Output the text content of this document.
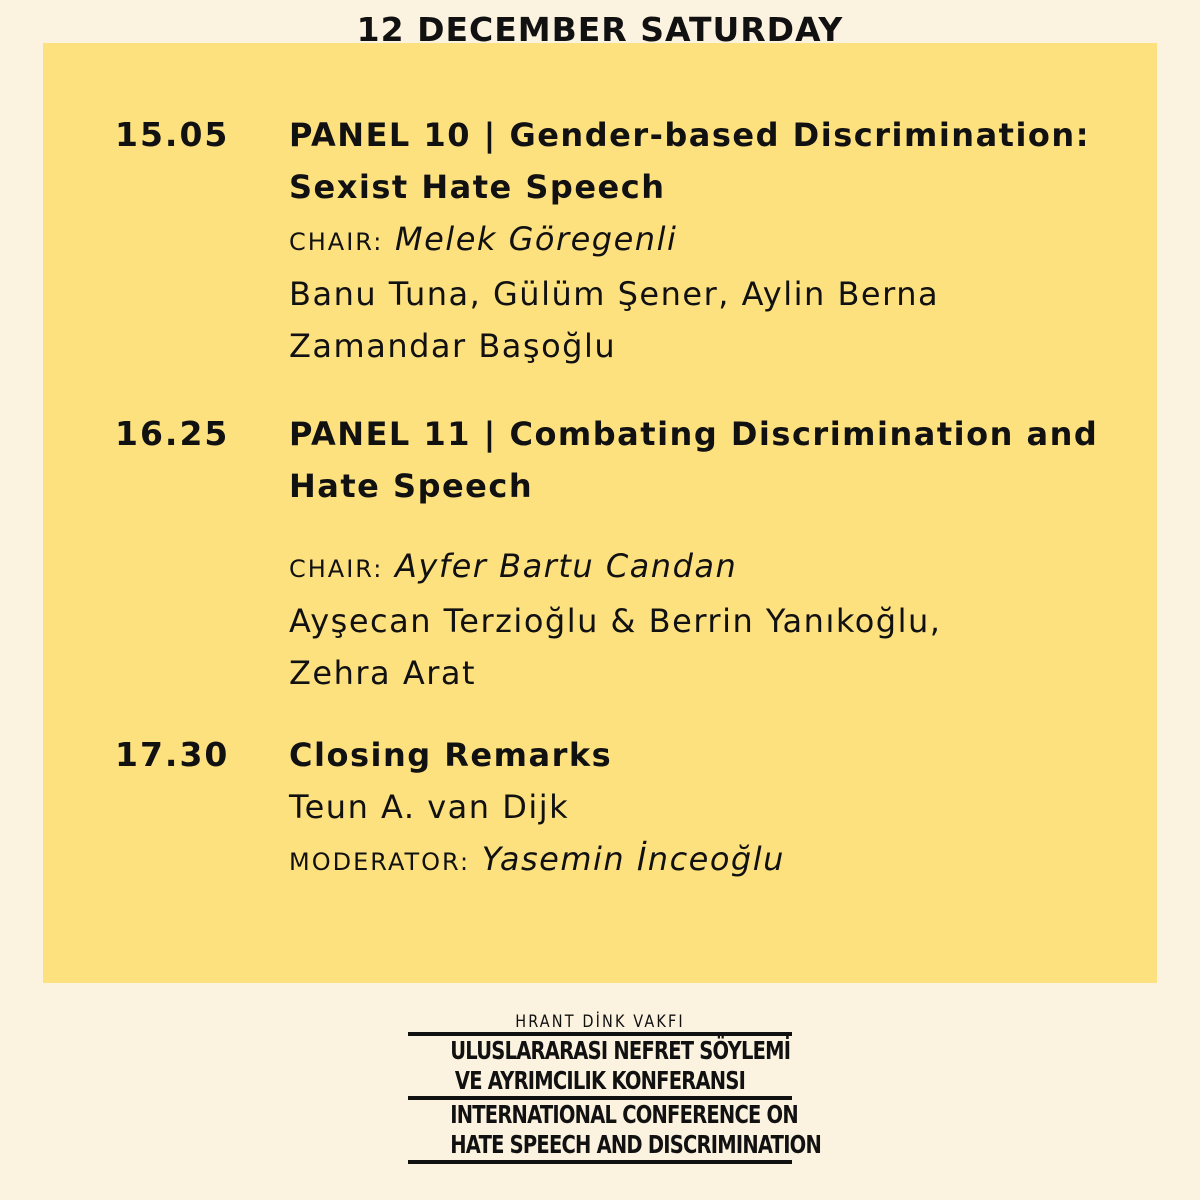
12 DECEMBER SATURDAY
15.05 PANEL 10 | Gender-based Discrimination:

Sexist Hate Speech

CHAIR: Melek Göregenli

Banu Tuna, Gülüm Şener, Aylin Berna

Zamandar Başoğlu

16.25 PANEL 11 | Combating Discrimination and

Hate Speech

CHAIR: Ayfer Bartu Candan

Ayşecan Terzioğlu & Berrin Yanıkoğlu,

Zehra Arat

17.30 Closing Remarks

Teun A. van Dijk

MODERATOR: Yasemin İnceoğlu

HRANT DİNK VAKFI
ULUSLARARASI NEFRET SÖYLEMİ
VE AYRIMCILIK KONFERANSI
INTERNATIONAL CONFERENCE ON
HATE SPEECH AND DISCRIMINATION
